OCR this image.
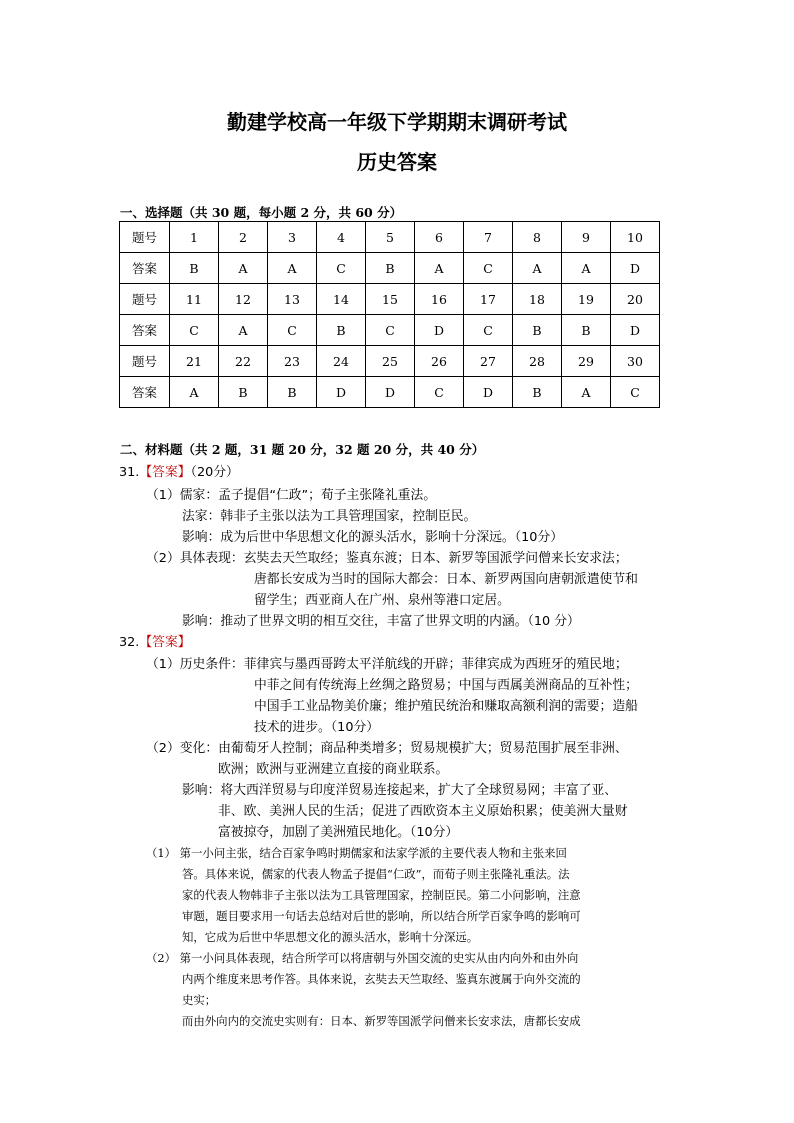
勤建学校高一年级下学期期末调研考试
历史答案
一、选择题（共 30 题，每小题 2 分，共 60 分）
题号	1	2	3	4	5	6	7	8	9	10
答案	B	A	A	C	B	A	C	A	A	D
题号	11	12	13	14	15	16	17	18	19	20
答案	C	A	C	B	C	D	C	B	B	D
题号	21	22	23	24	25	26	27	28	29	30
答案	A	B	B	D	D	C	D	B	A	C
二、材料题（共 2 题，31 题 20 分，32 题 20 分，共 40 分）
31.【答案】（20分）
（1）儒家：孟子提倡“仁政”；荀子主张隆礼重法。
法家：韩非子主张以法为工具管理国家，控制臣民。
影响：成为后世中华思想文化的源头活水，影响十分深远。（10分）
（2）具体表现：玄奘去天竺取经；鉴真东渡；日本、新罗等国派学问僧来长安求法；
唐都长安成为当时的国际大都会：日本、新罗两国向唐朝派遣使节和
留学生；西亚商人在广州、泉州等港口定居。
影响：推动了世界文明的相互交往，丰富了世界文明的内涵。（10 分）
32.【答案】
（1）历史条件：菲律宾与墨西哥跨太平洋航线的开辟；菲律宾成为西班牙的殖民地；
中菲之间有传统海上丝绸之路贸易；中国与西属美洲商品的互补性；
中国手工业品物美价廉；维护殖民统治和赚取高额利润的需要；造船
技术的进步。（10分）
（2）变化：由葡萄牙人控制；商品种类增多；贸易规模扩大；贸易范围扩展至非洲、
欧洲；欧洲与亚洲建立直接的商业联系。
影响：将大西洋贸易与印度洋贸易连接起来，扩大了全球贸易网；丰富了亚、
非、欧、美洲人民的生活；促进了西欧资本主义原始积累；使美洲大量财
富被掠夺，加剧了美洲殖民地化。（10分）
（1） 第一小问主张，结合百家争鸣时期儒家和法家学派的主要代表人物和主张来回
答。具体来说，儒家的代表人物孟子提倡“仁政”，而荀子则主张隆礼重法。法
家的代表人物韩非子主张以法为工具管理国家，控制臣民。第二小问影响，注意
审题，题目要求用一句话去总结对后世的影响，所以结合所学百家争鸣的影响可
知，它成为后世中华思想文化的源头活水，影响十分深远。
（2） 第一小问具体表现，结合所学可以将唐朝与外国交流的史实从由内向外和由外向
内两个维度来思考作答。具体来说，玄奘去天竺取经、鉴真东渡属于向外交流的
史实；
而由外向内的交流史实则有：日本、新罗等国派学问僧来长安求法，唐都长安成
